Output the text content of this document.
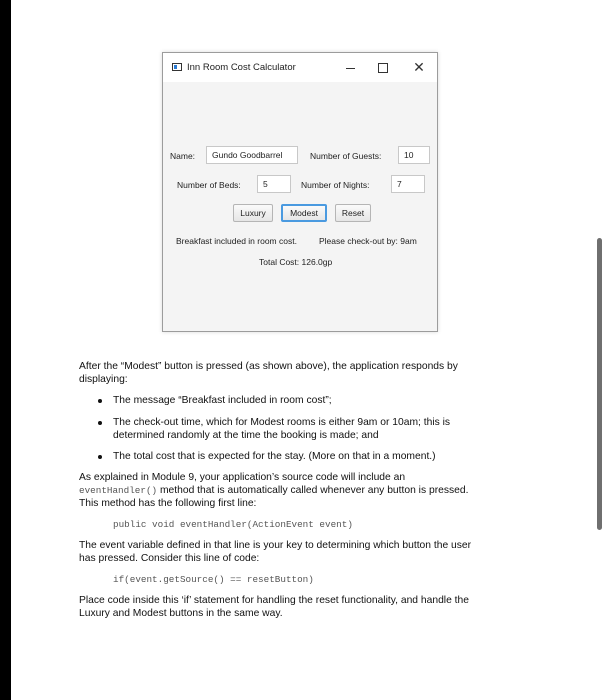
Inn Room Cost Calculator	✕
Name:	Gundo Goodbarrel	Number of Guests:	10
Number of Beds:	5	Number of Nights:	7
Luxury	Modest	Reset
Breakfast included in room cost.	Please check-out by: 9am
Total Cost: 126.0gp
After the “Modest” button is pressed (as shown above), the application responds by
displaying:
The message “Breakfast included in room cost”;
The check-out time, which for Modest rooms is either 9am or 10am; this is
determined randomly at the time the booking is made; and
The total cost that is expected for the stay. (More on that in a moment.)
As explained in Module 9, your application’s source code will include an
eventHandler() method that is automatically called whenever any button is pressed.
This method has the following first line:
public void eventHandler(ActionEvent event)
The event variable defined in that line is your key to determining which button the user
has pressed. Consider this line of code:
if(event.getSource() == resetButton)
Place code inside this ‘if’ statement for handling the reset functionality, and handle the
Luxury and Modest buttons in the same way.
